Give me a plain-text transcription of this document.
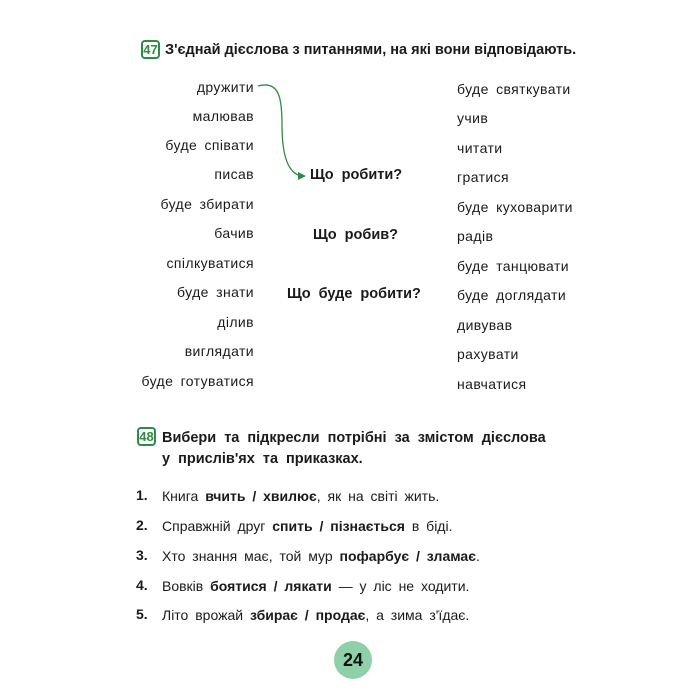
47 З'єднай дієслова з питаннями, на які вони відповідають.
дружити
малював
буде співати
писав
буде збирати
бачив
спілкуватися
буде знати
ділив
виглядати
буде готуватися
Що робити?
Що робив?
Що буде робити?
буде святкувати
учив
читати
гратися
буде куховарити
радів
буде танцювати
буде доглядати
дивував
рахувати
навчатися
48 Вибери та підкресли потрібні за змістом дієслова
у прислів'ях та приказках.
1. Книга вчить / хвилює, як на світі жить.
2. Справжній друг спить / пізнається в біді.
3. Хто знання має, той мур пофарбує / зламає.
4. Вовків боятися / лякати — у ліс не ходити.
5. Літо врожай збирає / продає, а зима з'їдає.
24
